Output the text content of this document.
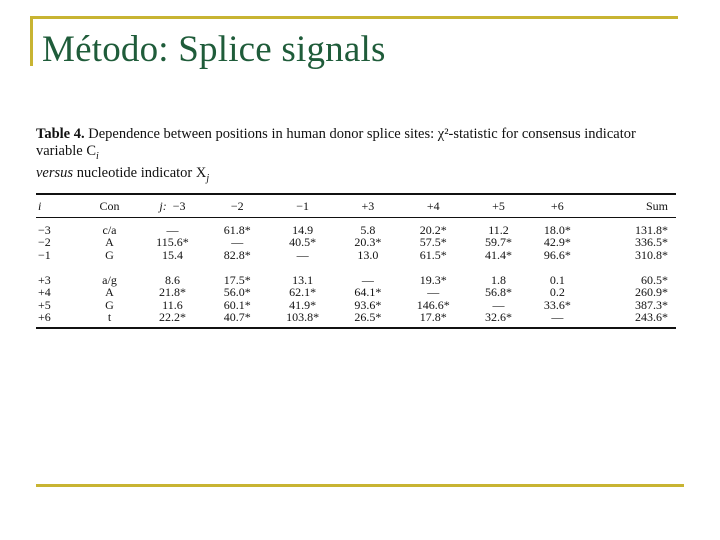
Método: Splice signals
Table 4. Dependence between positions in human donor splice sites: χ²-statistic for consensus indicator variable $C_i$
versus nucleotide indicator $X_j$
i	Con	j: −3	−2	−1	+3	+4	+5	+6	Sum

−3	c/a	—	61.8*	14.9	5.8	20.2*	11.2	18.0*	131.8*
−2	A	115.6*	—	40.5*	20.3*	57.5*	59.7*	42.9*	336.5*
−1	G	15.4	82.8*	—	13.0	61.5*	41.4*	96.6*	310.8*

+3	a/g	8.6	17.5*	13.1	—	19.3*	1.8	0.1	60.5*
+4	A	21.8*	56.0*	62.1*	64.1*	—	56.8*	0.2	260.9*
+5	G	11.6	60.1*	41.9*	93.6*	146.6*	—	33.6*	387.3*
+6	t	22.2*	40.7*	103.8*	26.5*	17.8*	32.6*	—	243.6*
